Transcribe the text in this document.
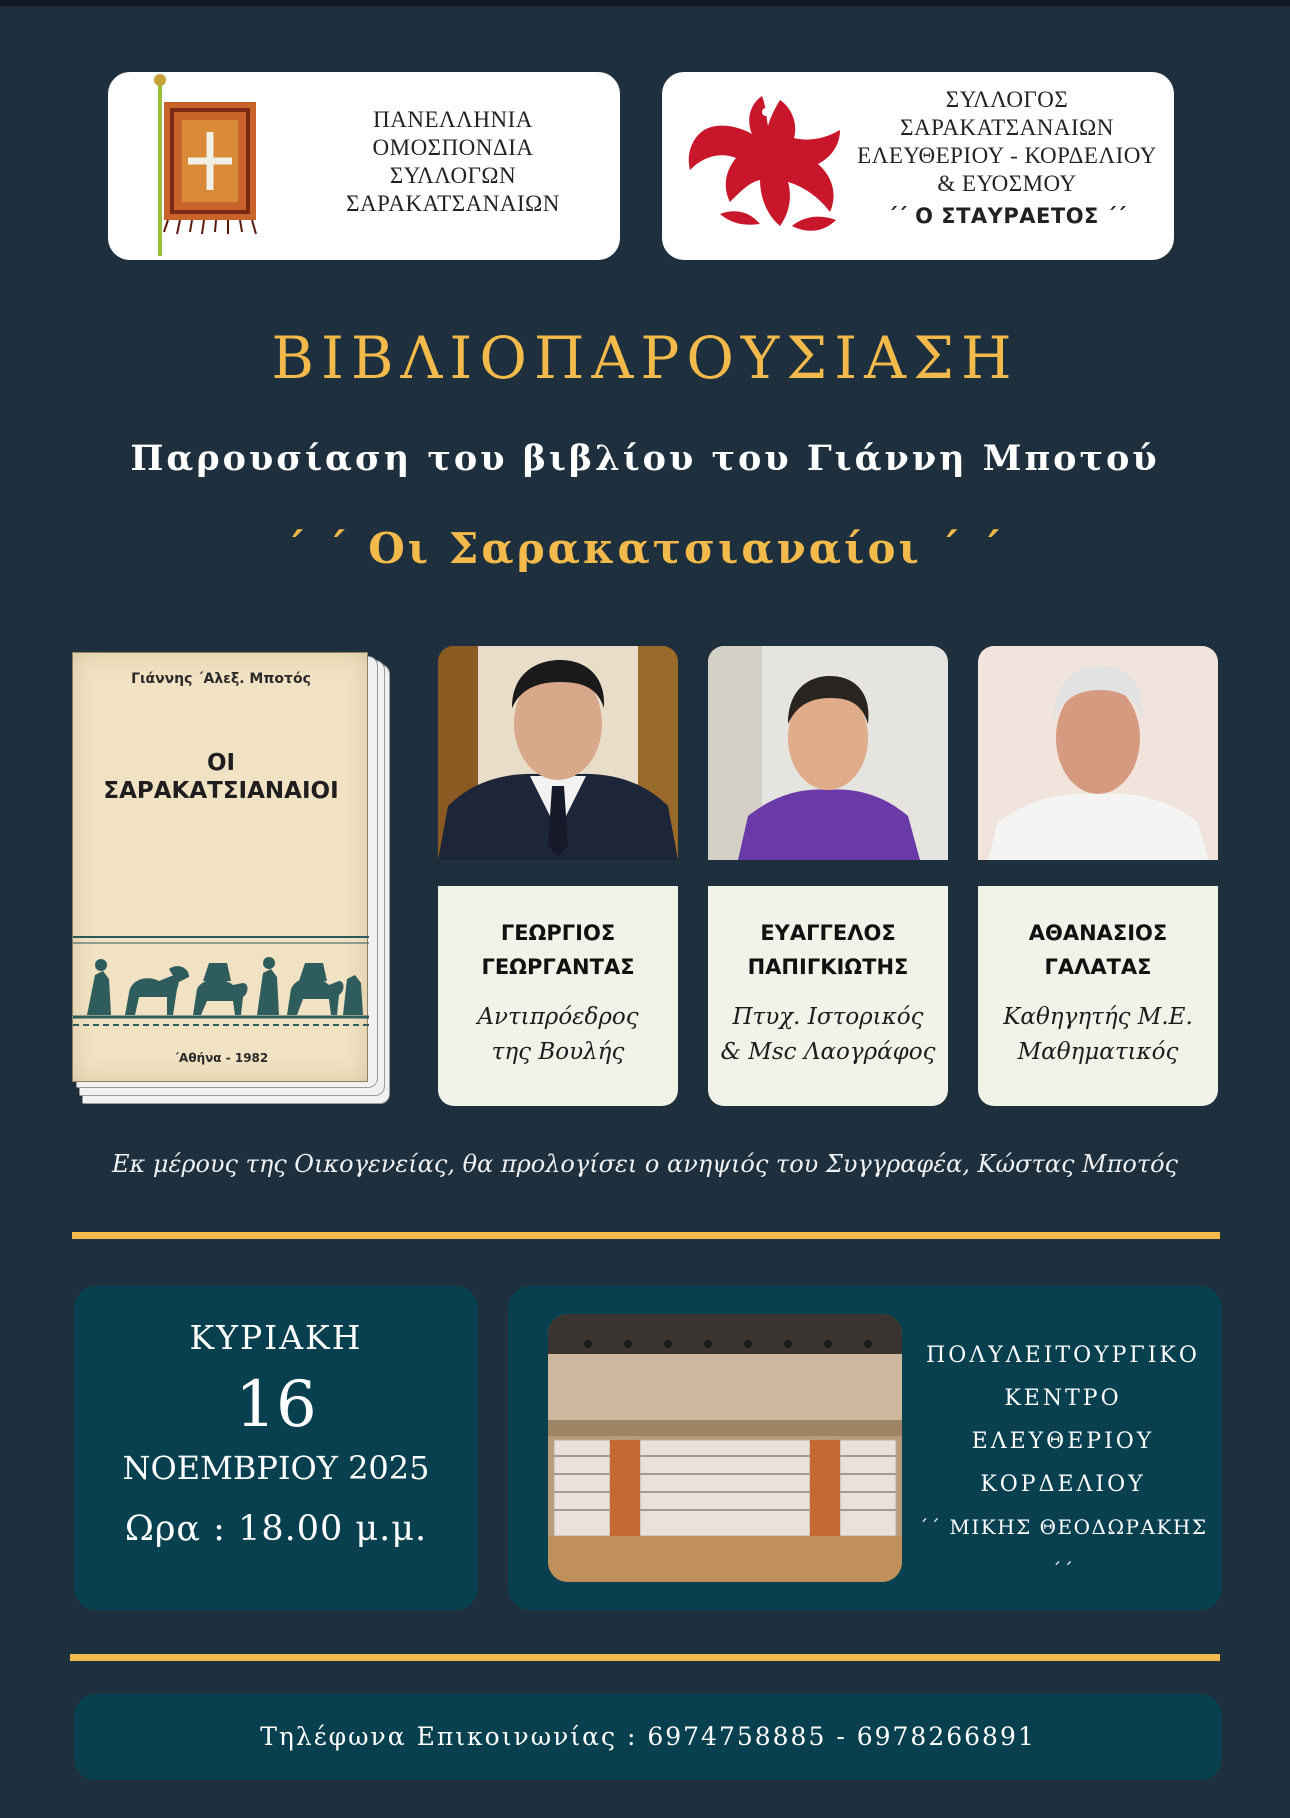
ΠΑΝΕΛΛΗΝΙΑ
ΟΜΟΣΠΟΝΔΙΑ
ΣΥΛΛΟΓΩΝ
ΣΑΡΑΚΑΤΣΑΝΑΙΩΝ
ΣΥΛΛΟΓΟΣ
ΣΑΡΑΚΑΤΣΑΝΑΙΩΝ
ΕΛΕΥΘΕΡΙΟΥ - ΚΟΡΔΕΛΙΟΥ
& ΕΥΟΣΜΟΥ
΄΄ Ο ΣΤΑΥΡΑΕΤΟΣ ΄΄
ΒΙΒΛΙΟΠΑΡΟΥΣΙΑΣΗ
Παρουσίαση του βιβλίου του Γιάννη Μποτού
΄ ΄ Οι Σαρακατσιαναίοι ΄ ΄
Γιάννης ΄Αλεξ. Μποτός
ΟΙ
ΣΑΡΑΚΑΤΣΙΑΝΑΙΟΙ
΄Αθήνα - 1982
ΓΕΩΡΓΙΟΣ
ΓΕΩΡΓΑΝΤΑΣ
Αντιπρόεδρος
της Βουλής
ΕΥΑΓΓΕΛΟΣ
ΠΑΠΙΓΚΙΩΤΗΣ
Πτυχ. Ιστορικός
& Msc Λαογράφος
ΑΘΑΝΑΣΙΟΣ
ΓΑΛΑΤΑΣ
Καθηγητής Μ.Ε.
Μαθηματικός
Εκ μέρους της Οικογενείας, θα προλογίσει ο ανηψιός του Συγγραφέα, Κώστας Μποτός
ΚΥΡΙΑΚΗ
16
ΝΟΕΜΒΡΙΟΥ 2025
Ωρα : 18.00 μ.μ.
ΠΟΛΥΛΕΙΤΟΥΡΓΙΚΟ
ΚΕΝΤΡΟ
ΕΛΕΥΘΕΡΙΟΥ
ΚΟΡΔΕΛΙΟΥ
΄΄ ΜΙΚΗΣ ΘΕΟΔΩΡΑΚΗΣ ΄΄
Τηλέφωνα Επικοινωνίας : 6974758885 - 6978266891
